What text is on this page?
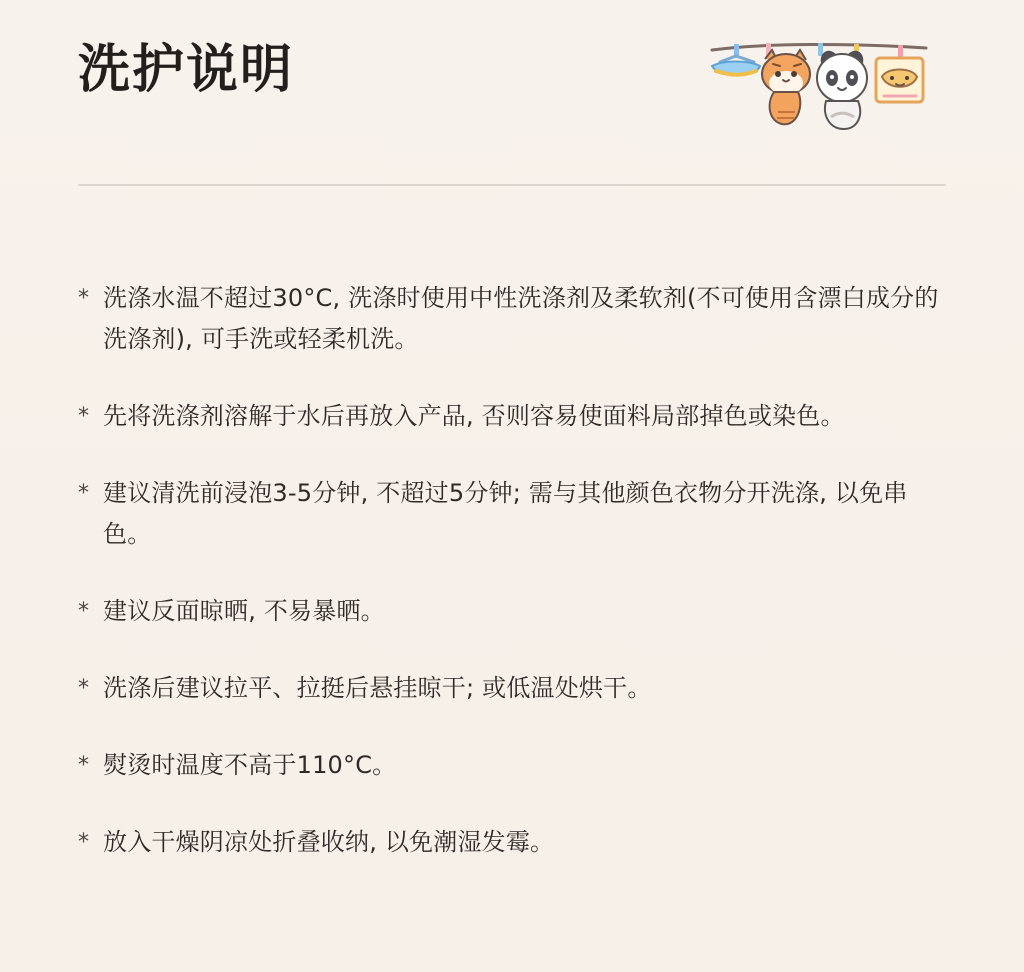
洗护说明
* 洗涤水温不超过30°C, 洗涤时使用中性洗涤剂及柔软剂(不可使用含漂白成分的洗涤剂), 可手洗或轻柔机洗。
* 先将洗涤剂溶解于水后再放入产品, 否则容易使面料局部掉色或染色。
* 建议清洗前浸泡3-5分钟, 不超过5分钟; 需与其他颜色衣物分开洗涤, 以免串色。
* 建议反面晾晒, 不易暴晒。
* 洗涤后建议拉平、拉挺后悬挂晾干; 或低温处烘干。
* 熨烫时温度不高于110°C。
* 放入干燥阴凉处折叠收纳, 以免潮湿发霉。
